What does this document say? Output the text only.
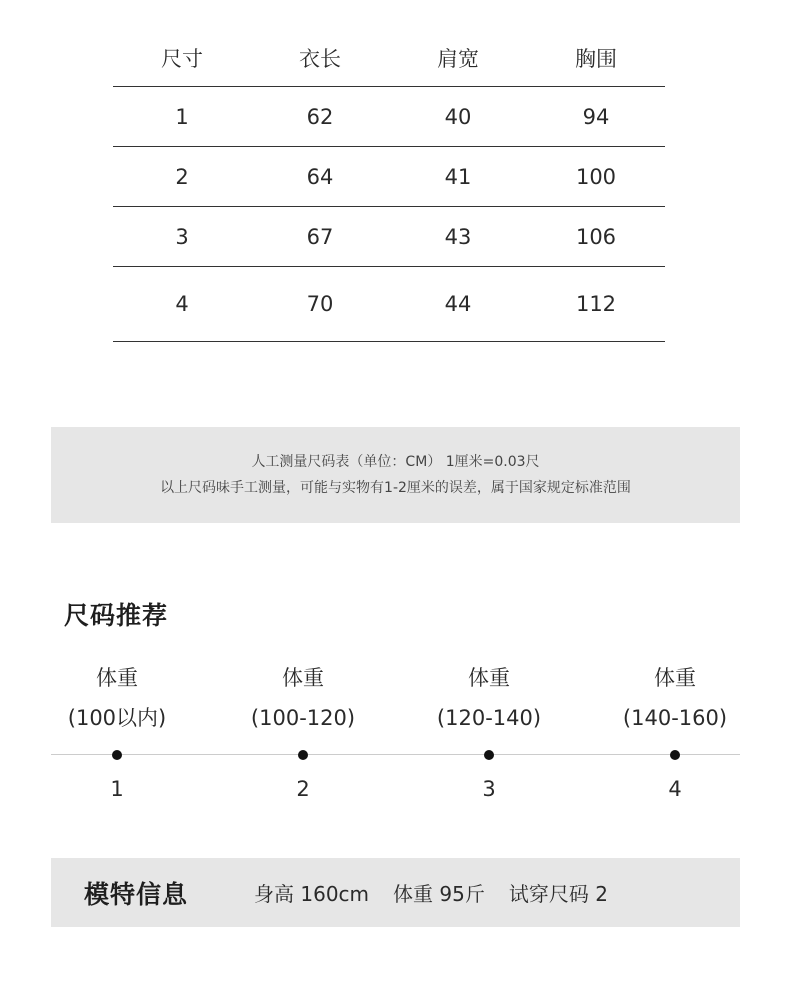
尺寸	衣长	肩宽	胸围
1	62	40	94
2	64	41	100
3	67	43	106
4	70	44	112

人工测量尺码表（单位：CM） 1厘米=0.03尺

以上尺码味手工测量，可能与实物有1-2厘米的误差，属于国家规定标准范围

尺码推荐
体重
(100以内)
1
体重
(100-120)
2
体重
(120-140)
3
体重
(140-160)
4
模特信息	身高 160cm 体重 95斤 试穿尺码 2
